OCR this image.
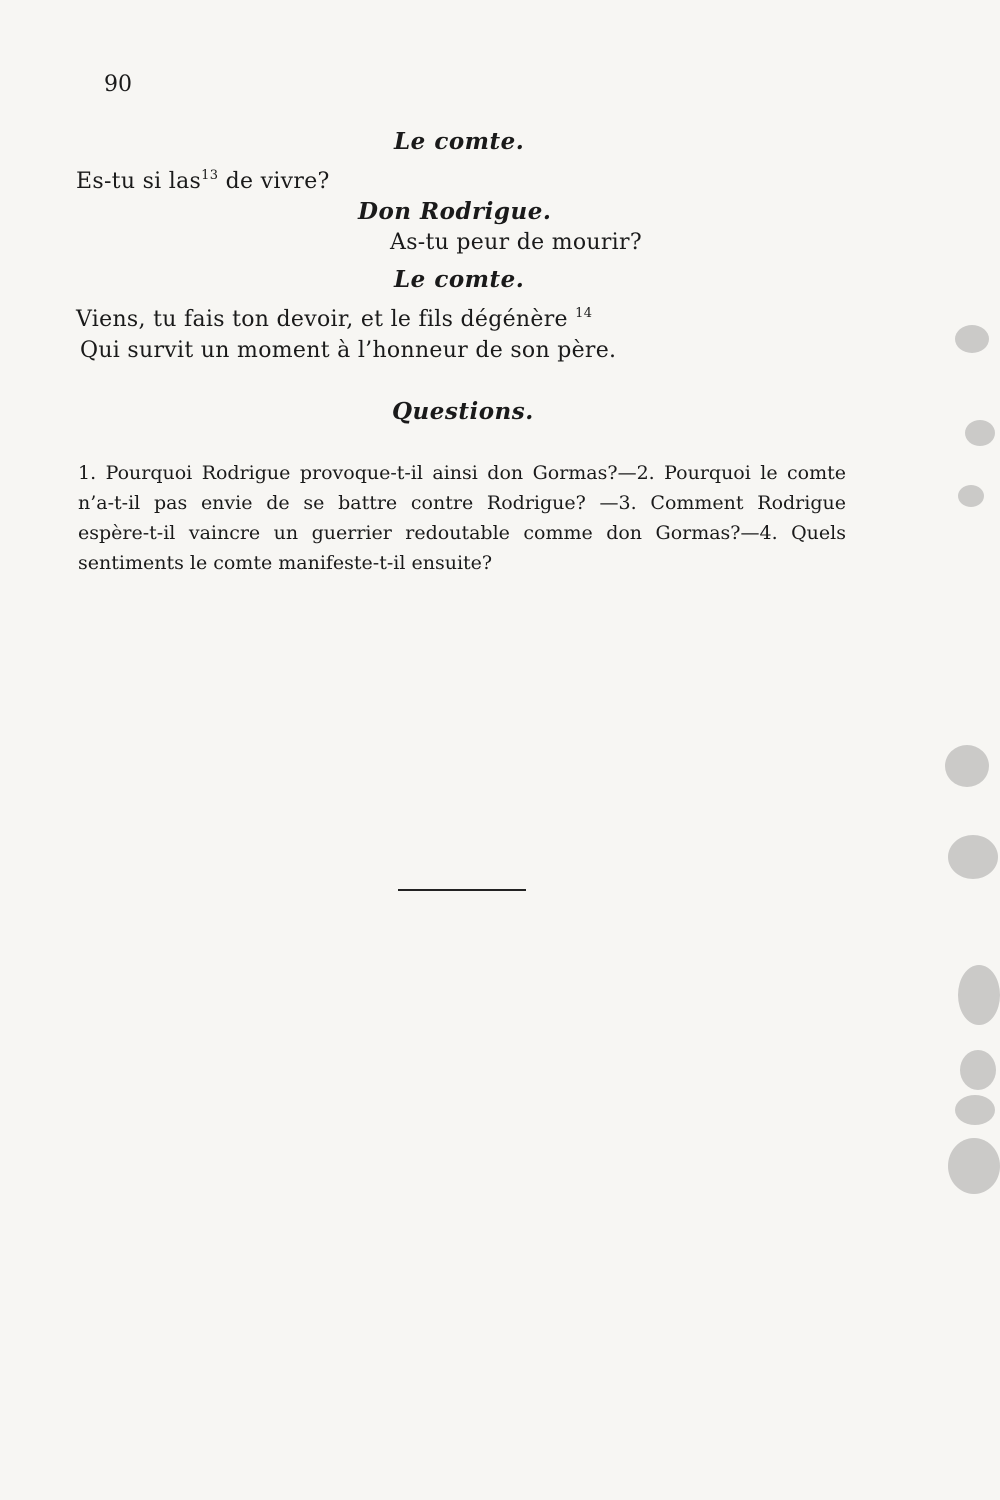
90
Le comte.
Es-tu si las$^{13}$ de vivre?
Don Rodrigue.
As-tu peur de mourir?
Le comte.
Viens, tu fais ton devoir, et le fils dégénère $^{14}$
Qui survit un moment à l’honneur de son père.
Questions.
1. Pourquoi Rodrigue provoque-t-il ainsi don Gormas?—2. Pourquoi le comte n’a-t-il pas envie de se battre contre Rodrigue? —3. Comment Rodrigue espère-t-il vaincre un guerrier redoutable comme don Gormas?—4. Quels sentiments le comte manifeste-t-il ensuite?
